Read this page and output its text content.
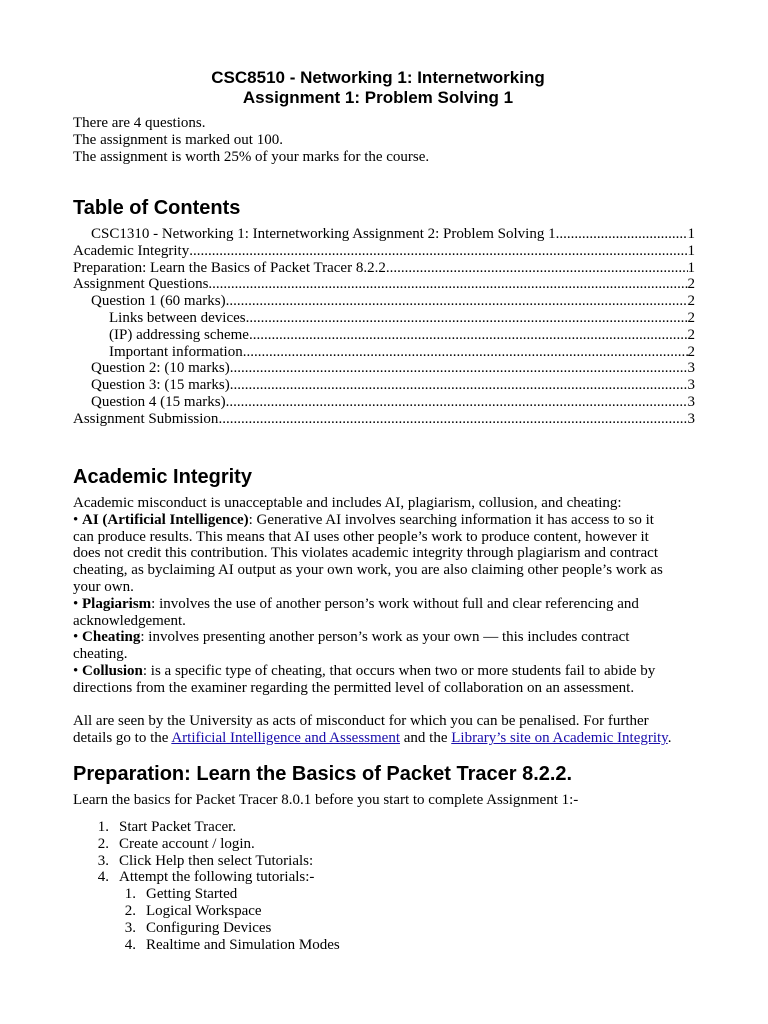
CSC8510 - Networking 1: Internetworking
Assignment 1: Problem Solving 1
There are 4 questions.
The assignment is marked out 100.
The assignment is worth 25% of your marks for the course.
Table of Contents
CSC1310 - Networking 1: Internetworking Assignment 2: Problem Solving 1 .....	1
Academic Integrity .....	1
Preparation: Learn the Basics of Packet Tracer 8.2.2 .....	1
Assignment Questions .....	2
Question 1 (60 marks) .....	2
Links between devices .....	2
(IP) addressing scheme .....	2
Important information .....	2
Question 2: (10 marks) .....	3
Question 3: (15 marks) .....	3
Question 4 (15 marks) .....	3
Assignment Submission .....	3
Academic Integrity

Academic misconduct is unacceptable and includes AI, plagiarism, collusion, and cheating:

• AI (Artificial Intelligence): Generative AI involves searching information it has access to so it

can produce results. This means that AI uses other people’s work to produce content, however it

does not credit this contribution. This violates academic integrity through plagiarism and contract

cheating, as byclaiming AI output as your own work, you are also claiming other people’s work as

your own.

• Plagiarism: involves the use of another person’s work without full and clear referencing and

acknowledgement.

• Cheating: involves presenting another person’s work as your own — this includes contract

cheating.

• Collusion: is a specific type of cheating, that occurs when two or more students fail to abide by

directions from the examiner regarding the permitted level of collaboration on an assessment.

All are seen by the University as acts of misconduct for which you can be penalised. For further

details go to the Artificial Intelligence and Assessment and the Library’s site on Academic Integrity.

Preparation: Learn the Basics of Packet Tracer 8.2.2.
Learn the basics for Packet Tracer 8.0.1 before you start to complete Assignment 1:-
1. Start Packet Tracer.
2. Create account / login.
3. Click Help then select Tutorials:
4. Attempt the following tutorials:-
1. Getting Started
2. Logical Workspace
3. Configuring Devices
4. Realtime and Simulation Modes
